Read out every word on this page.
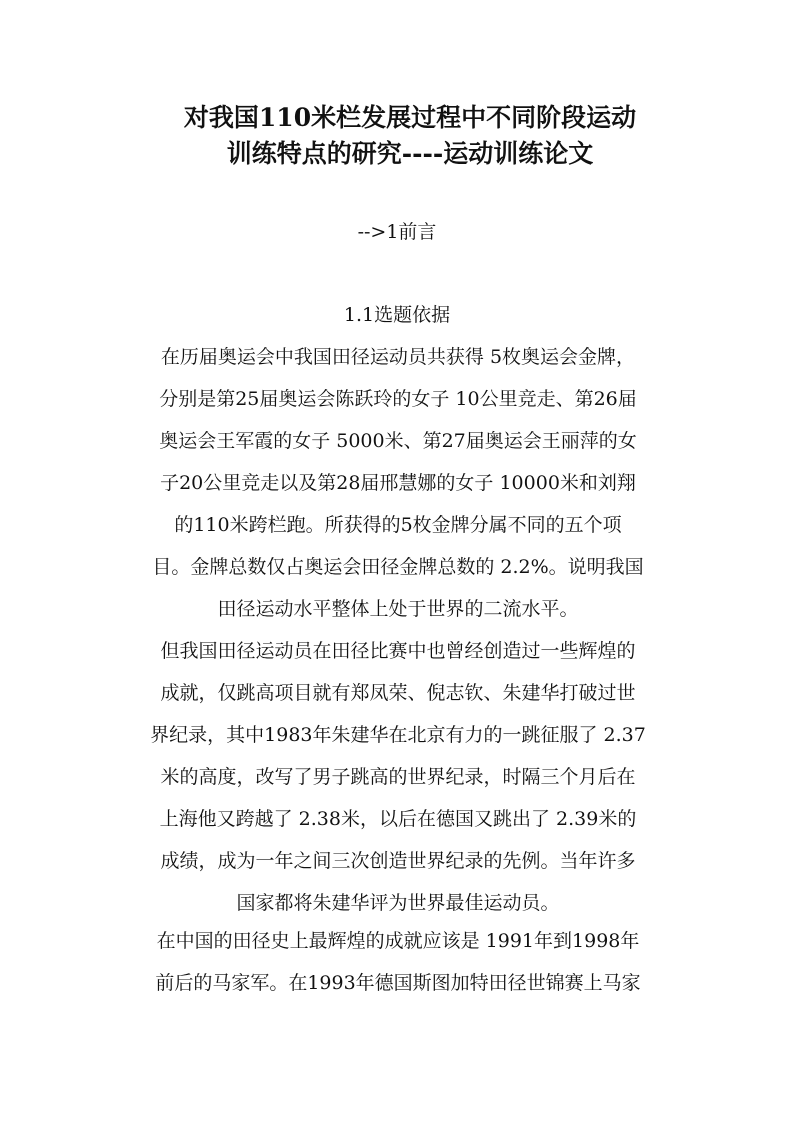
对我国110米栏发展过程中不同阶段运动
训练特点的研究----运动训练论文
-->1前言
1.1选题依据
在历届奥运会中我国田径运动员共获得 5枚奥运会金牌，
分别是第25届奥运会陈跃玲的女子 10公里竞走、第26届
奥运会王军霞的女子 5000米、第27届奥运会王丽萍的女
子20公里竞走以及第28届邢慧娜的女子 10000米和刘翔
的110米跨栏跑。所获得的5枚金牌分属不同的五个项
目。金牌总数仅占奥运会田径金牌总数的 2.2%。说明我国
田径运动水平整体上处于世界的二流水平。
但我国田径运动员在田径比赛中也曾经创造过一些辉煌的
成就，仅跳高项目就有郑凤荣、倪志钦、朱建华打破过世
界纪录，其中1983年朱建华在北京有力的一跳征服了 2.37
米的高度，改写了男子跳高的世界纪录，时隔三个月后在
上海他又跨越了 2.38米，以后在德国又跳出了 2.39米的
成绩，成为一年之间三次创造世界纪录的先例。当年许多
国家都将朱建华评为世界最佳运动员。
在中国的田径史上最辉煌的成就应该是 1991年到1998年
前后的马家军。在1993年德国斯图加特田径世锦赛上马家
